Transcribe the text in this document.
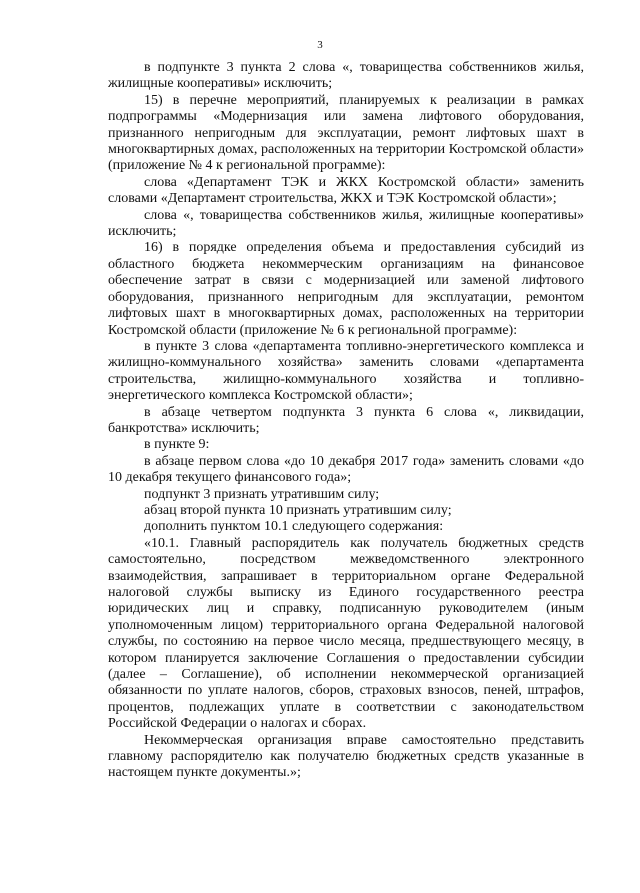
3

в подпункте 3 пункта 2 слова «, товарищества собственников жилья, жилищные кооперативы» исключить;

15) в перечне мероприятий, планируемых к реализации в рамках подпрограммы «Модернизация или замена лифтового оборудования, признанного непригодным для эксплуатации, ремонт лифтовых шахт в многоквартирных домах, расположенных на территории Костромской области» (приложение № 4 к региональной программе):

слова «Департамент ТЭК и ЖКХ Костромской области» заменить словами «Департамент строительства, ЖКХ и ТЭК Костромской области»;

слова «, товарищества собственников жилья, жилищные кооперативы» исключить;

16) в порядке определения объема и предоставления субсидий из областного бюджета некоммерческим организациям на финансовое обеспечение затрат в связи с модернизацией или заменой лифтового оборудования, признанного непригодным для эксплуатации, ремонтом лифтовых шахт в многоквартирных домах, расположенных на территории Костромской области (приложение № 6 к региональной программе):

в пункте 3 слова «департамента топливно-энергетического комплекса и жилищно-коммунального хозяйства» заменить словами «департамента строительства, жилищно-коммунального хозяйства и топливно-энергетического комплекса Костромской области»;

в абзаце четвертом подпункта 3 пункта 6 слова «, ликвидации, банкротства» исключить;

в пункте 9:

в абзаце первом слова «до 10 декабря 2017 года» заменить словами «до 10 декабря текущего финансового года»;

подпункт 3 признать утратившим силу;

абзац второй пункта 10 признать утратившим силу;

дополнить пунктом 10.1 следующего содержания:

«10.1. Главный распорядитель как получатель бюджетных средств самостоятельно, посредством межведомственного электронного взаимодействия, запрашивает в территориальном органе Федеральной налоговой службы выписку из Единого государственного реестра юридических лиц и справку, подписанную руководителем (иным уполномоченным лицом) территориального органа Федеральной налоговой службы, по состоянию на первое число месяца, предшествующего месяцу, в котором планируется заключение Соглашения о предоставлении субсидии (далее – Соглашение), об исполнении некоммерческой организацией обязанности по уплате налогов, сборов, страховых взносов, пеней, штрафов, процентов, подлежащих уплате в соответствии с законодательством Российской Федерации о налогах и сборах.

Некоммерческая организация вправе самостоятельно представить главному распорядителю как получателю бюджетных средств указанные в настоящем пункте документы.»;
